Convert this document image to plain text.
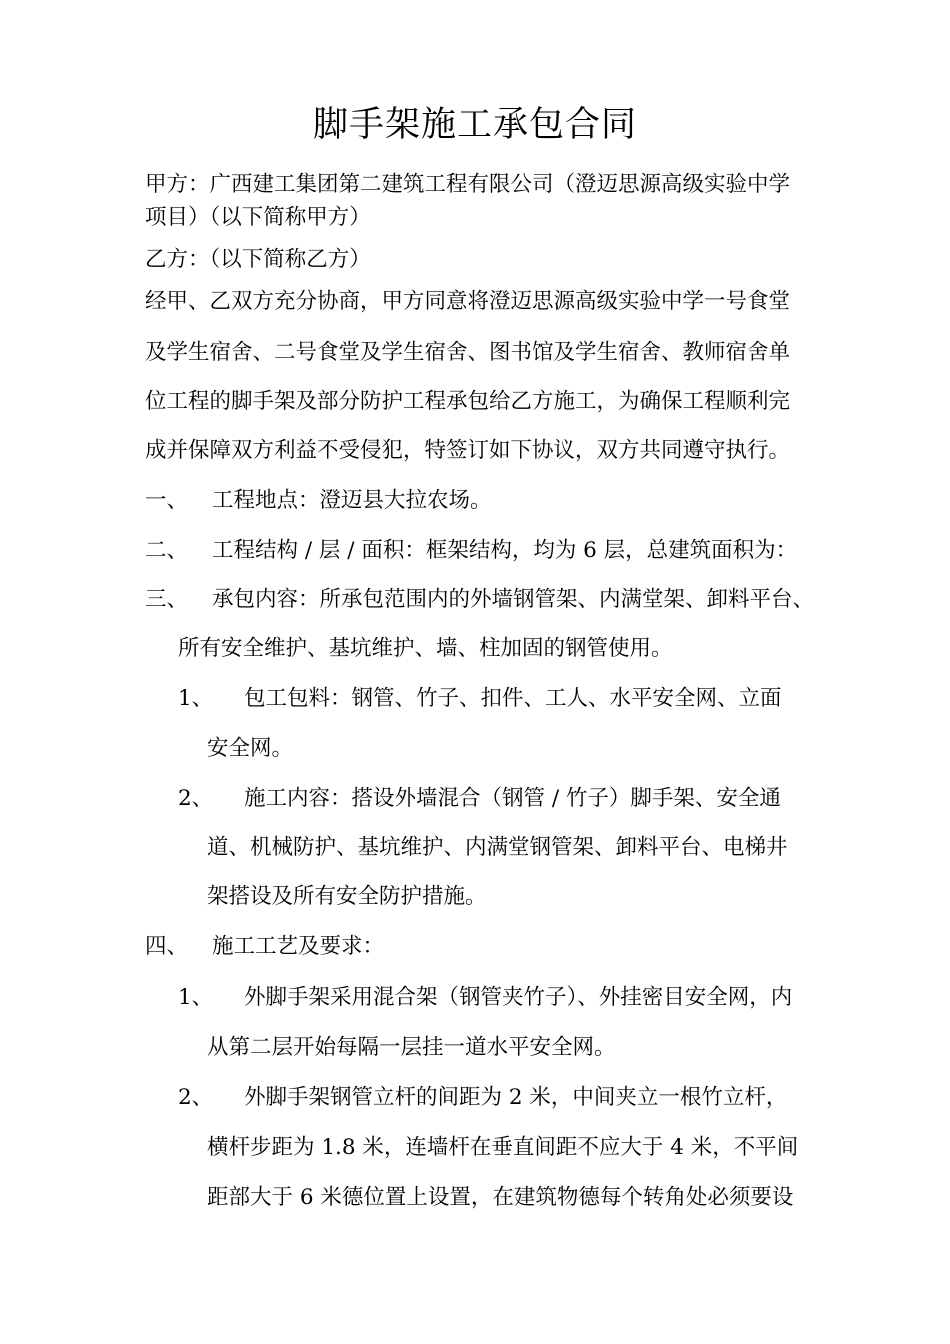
脚手架施工承包合同
甲方：广西建工集团第二建筑工程有限公司（澄迈思源高级实验中学
项目）（以下简称甲方）
乙方：（以下简称乙方）
经甲、乙双方充分协商，甲方同意将澄迈思源高级实验中学一号食堂
及学生宿舍、二号食堂及学生宿舍、图书馆及学生宿舍、教师宿舍单
位工程的脚手架及部分防护工程承包给乙方施工，为确保工程顺利完
成并保障双方利益不受侵犯，特签订如下协议，双方共同遵守执行。
一、 工程地点：澄迈县大拉农场。
二、 工程结构 / 层 / 面积：框架结构，均为 6 层，总建筑面积为：
三、 承包内容：所承包范围内的外墙钢管架、内满堂架、卸料平台、
所有安全维护、基坑维护、墙、柱加固的钢管使用。
1、 包工包料：钢管、竹子、扣件、工人、水平安全网、立面
安全网。
2、 施工内容：搭设外墙混合（钢管 / 竹子）脚手架、安全通
道、机械防护、基坑维护、内满堂钢管架、卸料平台、电梯井
架搭设及所有安全防护措施。
四、 施工工艺及要求：
1、 外脚手架采用混合架（钢管夹竹子）、外挂密目安全网，内
从第二层开始每隔一层挂一道水平安全网。
2、 外脚手架钢管立杆的间距为 2 米，中间夹立一根竹立杆，
横杆步距为 1.8 米，连墙杆在垂直间距不应大于 4 米，不平间
距部大于 6 米德位置上设置，在建筑物德每个转角处必须要设
